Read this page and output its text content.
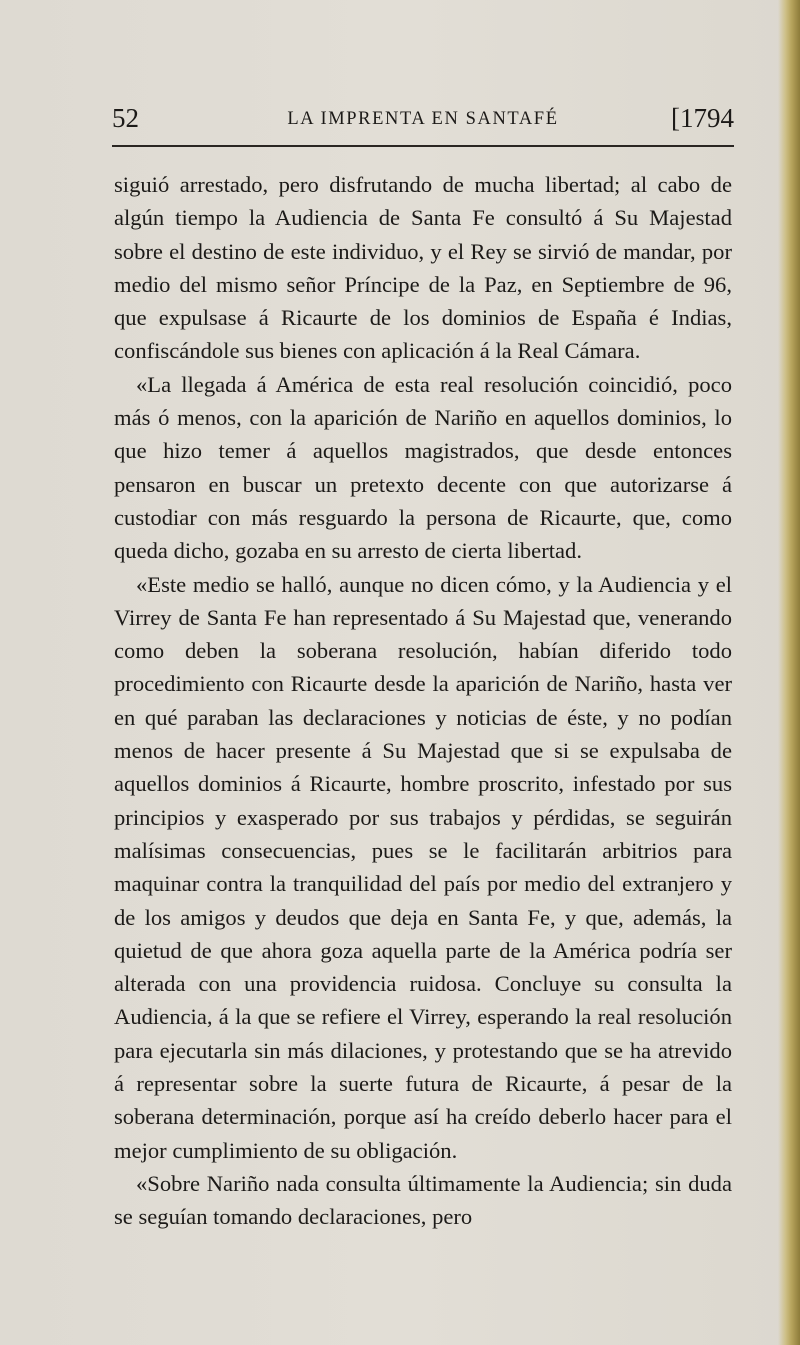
52	LA IMPRENTA EN SANTAFÉ	[1794

siguió arrestado, pero disfrutando de mucha libertad; al cabo de algún tiempo la Audiencia de Santa Fe consultó á Su Majestad sobre el destino de este individuo, y el Rey se sirvió de mandar, por medio del mismo señor Príncipe de la Paz, en Septiembre de 96, que expulsase á Ricaurte de los dominios de España é Indias, confiscándole sus bienes con aplicación á la Real Cámara.

«La llegada á América de esta real resolución coincidió, poco más ó menos, con la aparición de Nariño en aquellos dominios, lo que hizo temer á aquellos magistrados, que desde entonces pensaron en buscar un pretexto decente con que autorizarse á custodiar con más resguardo la persona de Ricaurte, que, como queda dicho, gozaba en su arresto de cierta libertad.

«Este medio se halló, aunque no dicen cómo, y la Audiencia y el Virrey de Santa Fe han representado á Su Majestad que, venerando como deben la soberana resolución, habían diferido todo procedimiento con Ricaurte desde la aparición de Nariño, hasta ver en qué paraban las declaraciones y noticias de éste, y no podían menos de hacer presente á Su Majestad que si se expulsaba de aquellos dominios á Ricaurte, hombre proscrito, infestado por sus principios y exasperado por sus trabajos y pérdidas, se seguirán malísimas consecuencias, pues se le facilitarán arbitrios para maquinar contra la tranquilidad del país por medio del extranjero y de los amigos y deudos que deja en Santa Fe, y que, además, la quietud de que ahora goza aquella parte de la América podría ser alterada con una providencia ruidosa. Concluye su consulta la Audiencia, á la que se refiere el Virrey, esperando la real resolución para ejecutarla sin más dilaciones, y protestando que se ha atrevido á representar sobre la suerte futura de Ricaurte, á pesar de la soberana determinación, porque así ha creído deberlo hacer para el mejor cumplimiento de su obligación.

«Sobre Nariño nada consulta últimamente la Audiencia; sin duda se seguían tomando declaraciones, pero
